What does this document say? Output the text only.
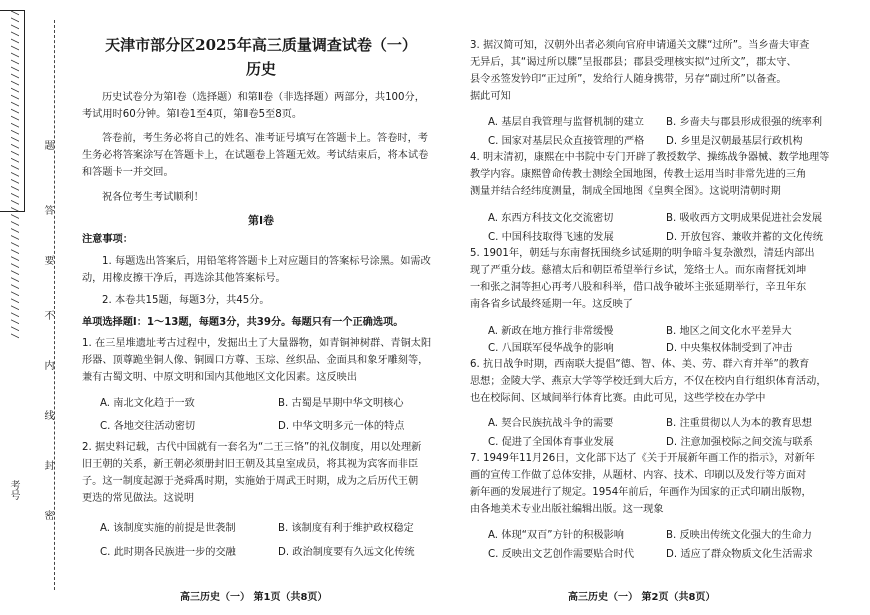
/////////////////////////////////////////////// 题
答
要
不
内
线
封
密
考号
天津市部分区2025年高三质量调查试卷（一）
历史
历史试卷分为第Ⅰ卷（选择题）和第Ⅱ卷（非选择题）两部分，共100分，
考试用时60分钟。第Ⅰ卷1至4页，第Ⅱ卷5至8页。
答卷前，考生务必将自己的姓名、准考证号填写在答题卡上。答卷时，考
生务必将答案涂写在答题卡上，在试题卷上答题无效。考试结束后，将本试卷
和答题卡一并交回。
祝各位考生考试顺利！
第Ⅰ卷
注意事项：
1. 每题选出答案后，用铅笔将答题卡上对应题目的答案标号涂黑。如需改
动，用橡皮擦干净后，再选涂其他答案标号。
2. 本卷共15题，每题3分，共45分。
单项选择题Ⅰ：1～13题，每题3分，共39分。每题只有一个正确选项。
1. 在三星堆遗址考古过程中，发掘出土了大量器物，如青铜神树群、青铜太阳
形器、顶尊跪坐铜人像、铜圆口方尊、玉琮、丝织品、金面具和象牙雕刻等，
兼有古蜀文明、中原文明和国内其他地区文化因素。这反映出
A. 南北文化趋于一致	B. 古蜀是早期中华文明核心
C. 各地交往活动密切	D. 中华文明多元一体的特点
2. 据史料记载，古代中国就有一套名为“二王三恪”的礼仪制度，用以处理新
旧王朝的关系，新王朝必须册封旧王朝及其皇室成员，将其视为宾客而非臣
子。这一制度起源于尧舜禹时期，实施始于周武王时期，成为之后历代王朝
更迭的常见做法。这说明
A. 该制度实施的前提是世袭制	B. 该制度有利于维护政权稳定
C. 此时期各民族进一步的交融	D. 政治制度要有久远文化传统
高三历史（一） 第1页（共8页）
3. 据汉简可知，汉朝外出者必须向官府申请通关文牒“过所”。当乡啬夫审查
无异后，其“谒过所以牒”呈报郡县；郡县受理核实拟“过所文”，郡太守、
县令丞签发钤印“正过所”，发给行人随身携带，另存“副过所”以备查。
据此可知
A. 基层自我管理与监督机制的建立 B. 乡啬夫与郡县形成很强的统率利
C. 国家对基层民众直接管理的严格 D. 乡里是汉朝最基层行政机构
4. 明末清初，康熙在中书院中专门开辟了教授数学、操练战争器械、数学地理等
教学内容。康熙曾命传教士测绘全国地图，传教士运用当时非常先进的三角
测量并结合经纬度测量，制成全国地图《皇舆全图》。这说明清朝时期
A. 东西方科技文化交流密切	B. 吸收西方文明成果促进社会发展
C. 中国科技取得飞速的发展	D. 开放包容、兼收并蓄的文化传统
5. 1901年，朝廷与东南督抚围绕乡试延期的明争暗斗复杂激烈，清廷内部出
现了严重分歧。慈禧太后和朝臣希望举行乡试，笼络士人。而东南督抚刘坤
一和张之洞等担心再考八股和科举，借口战争破坏主张延期举行，辛丑年东
南各省乡试最终延期一年。这反映了
A. 新政在地方推行非常缓慢	B. 地区之间文化水平差异大
C. 八国联军侵华战争的影响	D. 中央集权体制受到了冲击
6. 抗日战争时期，西南联大提倡“德、智、体、美、劳、群六育并举”的教育
思想；金陵大学、燕京大学等学校迁到大后方，不仅在校内自行组织体育活动，
也在校际间、区域间举行体育比赛。由此可见，这些学校在办学中
A. 契合民族抗战斗争的需要	B. 注重贯彻以人为本的教育思想
C. 促进了全国体育事业发展	D. 注意加强校际之间交流与联系
7. 1949年11月26日，文化部下达了《关于开展新年画工作的指示》，对新年
画的宣传工作做了总体安排，从题材、内容、技术、印刷以及发行等方面对
新年画的发展进行了规定。1954年前后，年画作为国家的正式印刷出版物，
由各地美术专业出版社编辑出版。这一现象
A. 体现“双百”方针的积极影响	B. 反映出传统文化强大的生命力
C. 反映出文艺创作需要贴合时代	D. 适应了群众物质文化生活需求
高三历史（一） 第2页（共8页）
